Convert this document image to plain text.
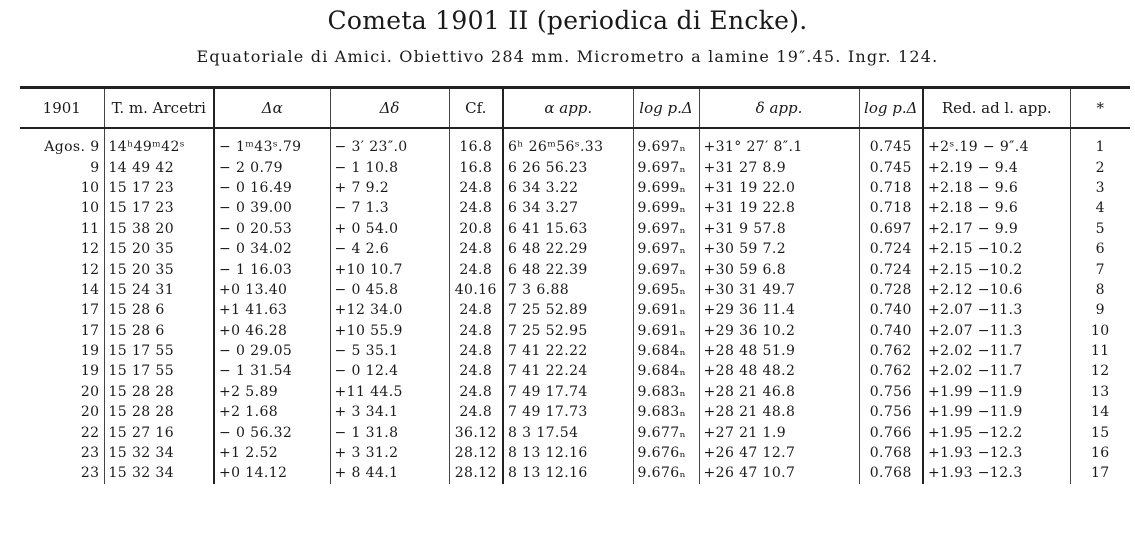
Cometa 1901 II (periodica di Encke).
Equatoriale di Amici. Obiettivo 284 mm. Micrometro a lamine 19″.45. Ingr. 124.
1901	T. m. Arcetri	Δα	Δδ	Cf.	α app.	log p.Δ	δ app.	log p.Δ	Red. ad l. app.	*
Agos. 9	14ʰ49ᵐ42ˢ	− 1ᵐ43ˢ.79	− 3′ 23″.0	16.8	6ʰ 26ᵐ56ˢ.33	9.697ₙ	+31° 27′ 8″.1	0.745	+2ˢ.19 − 9″.4	1
9	14 49 42	− 2 0.79	− 1 10.8	16.8	6 26 56.23	9.697ₙ	+31 27 8.9	0.745	+2.19 − 9.4	2
10	15 17 23	− 0 16.49	+ 7 9.2	24.8	6 34 3.22	9.699ₙ	+31 19 22.0	0.718	+2.18 − 9.6	3
10	15 17 23	− 0 39.00	− 7 1.3	24.8	6 34 3.27	9.699ₙ	+31 19 22.8	0.718	+2.18 − 9.6	4
11	15 38 20	− 0 20.53	+ 0 54.0	20.8	6 41 15.63	9.697ₙ	+31 9 57.8	0.697	+2.17 − 9.9	5
12	15 20 35	− 0 34.02	− 4 2.6	24.8	6 48 22.29	9.697ₙ	+30 59 7.2	0.724	+2.15 −10.2	6
12	15 20 35	− 1 16.03	+10 10.7	24.8	6 48 22.39	9.697ₙ	+30 59 6.8	0.724	+2.15 −10.2	7
14	15 24 31	+0 13.40	− 0 45.8	40.16	7 3 6.88	9.695ₙ	+30 31 49.7	0.728	+2.12 −10.6	8
17	15 28 6	+1 41.63	+12 34.0	24.8	7 25 52.89	9.691ₙ	+29 36 11.4	0.740	+2.07 −11.3	9
17	15 28 6	+0 46.28	+10 55.9	24.8	7 25 52.95	9.691ₙ	+29 36 10.2	0.740	+2.07 −11.3	10
19	15 17 55	− 0 29.05	− 5 35.1	24.8	7 41 22.22	9.684ₙ	+28 48 51.9	0.762	+2.02 −11.7	11
19	15 17 55	− 1 31.54	− 0 12.4	24.8	7 41 22.24	9.684ₙ	+28 48 48.2	0.762	+2.02 −11.7	12
20	15 28 28	+2 5.89	+11 44.5	24.8	7 49 17.74	9.683ₙ	+28 21 46.8	0.756	+1.99 −11.9	13
20	15 28 28	+2 1.68	+ 3 34.1	24.8	7 49 17.73	9.683ₙ	+28 21 48.8	0.756	+1.99 −11.9	14
22	15 27 16	− 0 56.32	− 1 31.8	36.12	8 3 17.54	9.677ₙ	+27 21 1.9	0.766	+1.95 −12.2	15
23	15 32 34	+1 2.52	+ 3 31.2	28.12	8 13 12.16	9.676ₙ	+26 47 12.7	0.768	+1.93 −12.3	16
23	15 32 34	+0 14.12	+ 8 44.1	28.12	8 13 12.16	9.676ₙ	+26 47 10.7	0.768	+1.93 −12.3	17
